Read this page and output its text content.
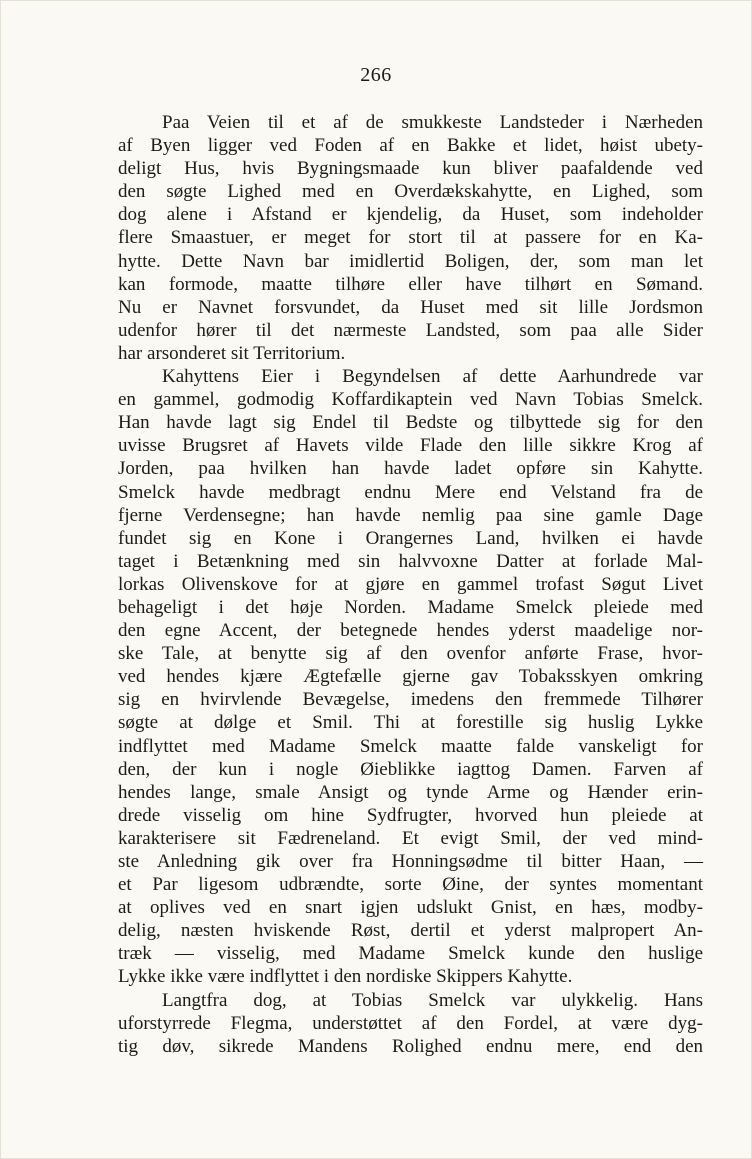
266
Paa Veien til et af de smukkeste Landsteder i Nærheden
af Byen ligger ved Foden af en Bakke et lidet, høist ubety-
deligt Hus, hvis Bygningsmaade kun bliver paafaldende ved
den søgte Lighed med en Overdækskahytte, en Lighed, som
dog alene i Afstand er kjendelig, da Huset, som indeholder
flere Smaastuer, er meget for stort til at passere for en Ka-
hytte. Dette Navn bar imidlertid Boligen, der, som man let
kan formode, maatte tilhøre eller have tilhørt en Sømand.
Nu er Navnet forsvundet, da Huset med sit lille Jordsmon
udenfor hører til det nærmeste Landsted, som paa alle Sider
har arsonderet sit Territorium.
Kahyttens Eier i Begyndelsen af dette Aarhundrede var
en gammel, godmodig Koffardikaptein ved Navn Tobias Smelck.
Han havde lagt sig Endel til Bedste og tilbyttede sig for den
uvisse Brugsret af Havets vilde Flade den lille sikkre Krog af
Jorden, paa hvilken han havde ladet opføre sin Kahytte.
Smelck havde medbragt endnu Mere end Velstand fra de
fjerne Verdensegne; han havde nemlig paa sine gamle Dage
fundet sig en Kone i Orangernes Land, hvilken ei havde
taget i Betænkning med sin halvvoxne Datter at forlade Mal-
lorkas Olivenskove for at gjøre en gammel trofast Søgut Livet
behageligt i det høje Norden. Madame Smelck pleiede med
den egne Accent, der betegnede hendes yderst maadelige nor-
ske Tale, at benytte sig af den ovenfor anførte Frase, hvor-
ved hendes kjære Ægtefælle gjerne gav Tobaksskyen omkring
sig en hvirvlende Bevægelse, imedens den fremmede Tilhører
søgte at dølge et Smil. Thi at forestille sig huslig Lykke
indflyttet med Madame Smelck maatte falde vanskeligt for
den, der kun i nogle Øieblikke iagttog Damen. Farven af
hendes lange, smale Ansigt og tynde Arme og Hænder erin-
drede visselig om hine Sydfrugter, hvorved hun pleiede at
karakterisere sit Fædreneland. Et evigt Smil, der ved mind-
ste Anledning gik over fra Honningsødme til bitter Haan, —
et Par ligesom udbrændte, sorte Øine, der syntes momentant
at oplives ved en snart igjen udslukt Gnist, en hæs, modby-
delig, næsten hviskende Røst, dertil et yderst malpropert An-
træk — visselig, med Madame Smelck kunde den huslige
Lykke ikke være indflyttet i den nordiske Skippers Kahytte.
Langtfra dog, at Tobias Smelck var ulykkelig. Hans
uforstyrrede Flegma, understøttet af den Fordel, at være dyg-
tig døv, sikrede Mandens Rolighed endnu mere, end den
